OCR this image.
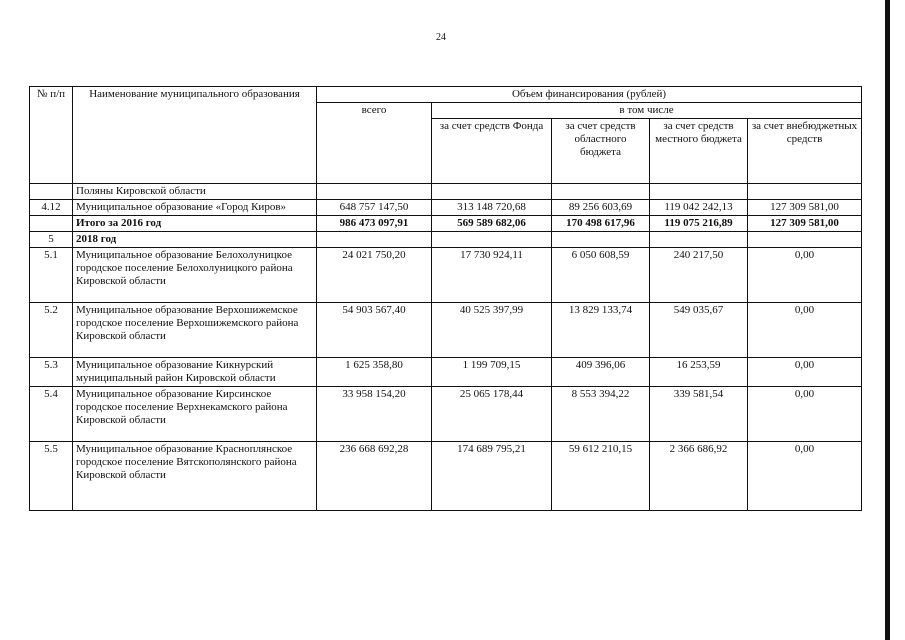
24
№ п/п	Наименование муниципального образования	Объем финансирования (рублей)				
		всего	в том числе			
			за счет средств Фонда	за счет средств областного бюджета	за счет средств местного бюджета	за счет внебюджетных средств
	Поляны Кировской области					
4.12	Муниципальное образование «Город Киров»	648 757 147,50	313 148 720,68	89 256 603,69	119 042 242,13	127 309 581,00
	Итого за 2016 год	986 473 097,91	569 589 682,06	170 498 617,96	119 075 216,89	127 309 581,00
5	2018 год					
5.1	Муниципальное образование Белохолуницкое городское поселение Белохолуницкого района Кировской области	24 021 750,20	17 730 924,11	6 050 608,59	240 217,50	0,00
5.2	Муниципальное образование Верхошижемское городское поселение Верхошижемского района Кировской области	54 903 567,40	40 525 397,99	13 829 133,74	549 035,67	0,00
5.3	Муниципальное образование Кикнурский муниципальный район Кировской области	1 625 358,80	1 199 709,15	409 396,06	16 253,59	0,00
5.4	Муниципальное образование Кирсинское городское поселение Верхнекамского района Кировской области	33 958 154,20	25 065 178,44	8 553 394,22	339 581,54	0,00
5.5	Муниципальное образование Красноплянское городское поселение Вятскополянского района Кировской области	236 668 692,28	174 689 795,21	59 612 210,15	2 366 686,92	0,00
